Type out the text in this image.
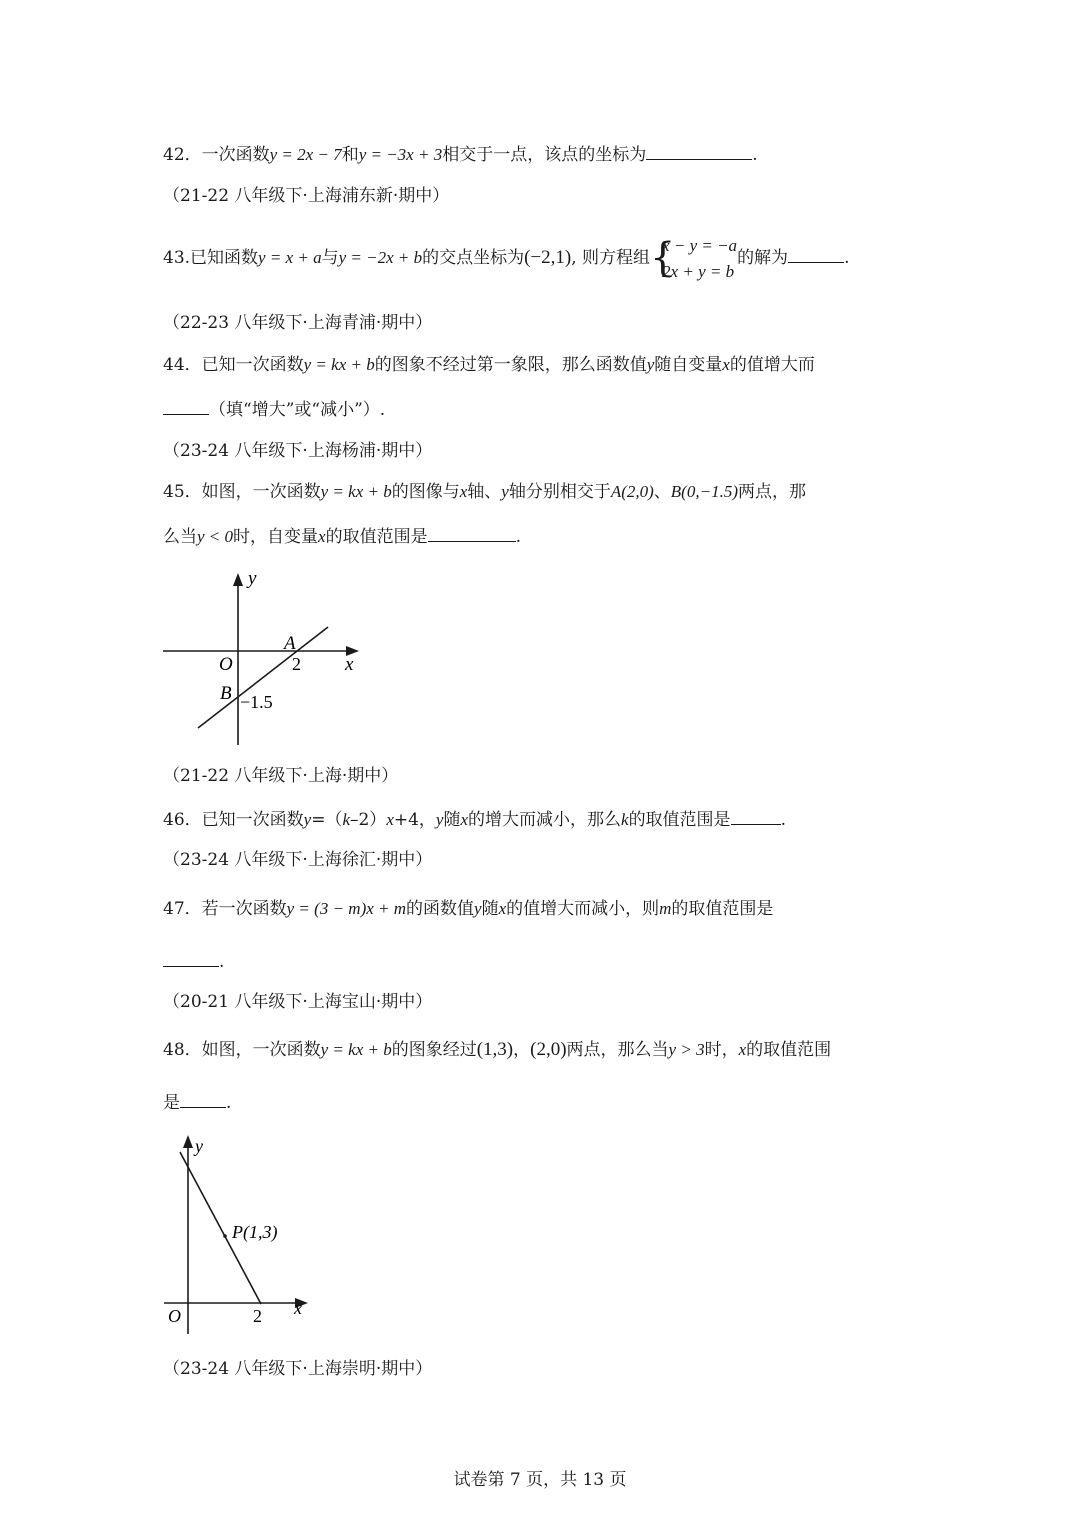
42．一次函数y = 2x − 7和y = −3x + 3相交于一点，该点的坐标为	.
（21-22 八年级下·上海浦东新·期中）
43.已知函数y = x + a与y = −2x + b的交点坐标为(−2,1), 则方程组 {
x − y = −a
2x + y = b
的解为	.
（22-23 八年级下·上海青浦·期中）
44．已知一次函数y = kx + b的图象不经过第一象限，那么函数值y随自变量x的值增大而
（填“增大”或“减小”）.
（23-24 八年级下·上海杨浦·期中）
45．如图，一次函数y = kx + b的图像与x轴、y轴分别相交于A(2,0)、B(0,−1.5)两点，那
么当y < 0时，自变量x的取值范围是	.
y
x
O
A
2
B −1.5
（21-22 八年级下·上海·期中）
46．已知一次函数y=（k–2）x+4，y随x的增大而减小，那么k的取值范围是	.
（23-24 八年级下·上海徐汇·期中）
47．若一次函数y = (3 − m)x + m的函数值y随x的值增大而减小，则m的取值范围是
.
（20-21 八年级下·上海宝山·期中）
48．如图，一次函数y = kx + b的图象经过(1,3)，(2,0)两点，那么当y > 3时，x的取值范围
是	.
y
x
O	2
P(1,3)
（23-24 八年级下·上海崇明·期中）
试卷第 7 页，共 13 页
